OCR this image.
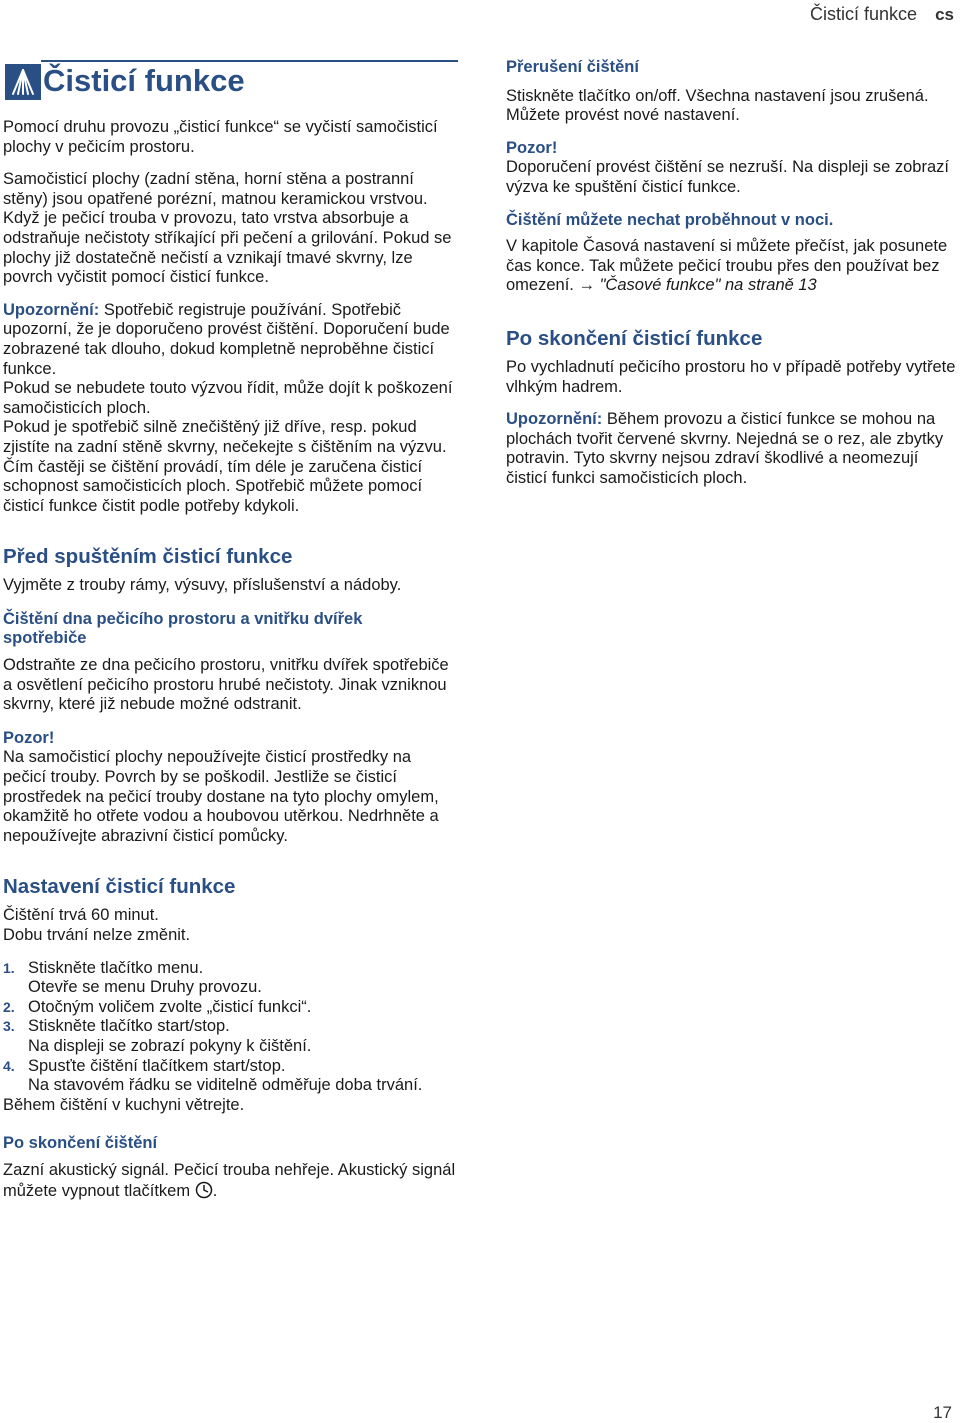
Čisticí funkce cs
Čisticí funkce

Pomocí druhu provozu „čisticí funkce“ se vyčistí samočisticí plochy v pečicím prostoru.

Samočisticí plochy (zadní stěna, horní stěna a postranní stěny) jsou opatřené porézní, matnou keramickou vrstvou. Když je pečicí trouba v provozu, tato vrstva absorbuje a odstraňuje nečistoty stříkající při pečení a grilování. Pokud se plochy již dostatečně nečistí a vznikají tmavé skvrny, lze povrch vyčistit pomocí čisticí funkce.

Upozornění: Spotřebič registruje používání. Spotřebič upozorní, že je doporučeno provést čištění. Doporučení bude zobrazené tak dlouho, dokud kompletně neproběhne čisticí funkce.

Pokud se nebudete touto výzvou řídit, může dojít k poškození samočisticích ploch.

Pokud je spotřebič silně znečištěný již dříve, resp. pokud zjistíte na zadní stěně skvrny, nečekejte s čištěním na výzvu. Čím častěji se čištění provádí, tím déle je zaručena čisticí schopnost samočisticích ploch. Spotřebič můžete pomocí čisticí funkce čistit podle potřeby kdykoli.

Před spuštěním čisticí funkce

Vyjměte z trouby rámy, výsuvy, příslušenství a nádoby.

Čištění dna pečicího prostoru a vnitřku dvířek spotřebiče

Odstraňte ze dna pečicího prostoru, vnitřku dvířek spotřebiče a osvětlení pečicího prostoru hrubé nečistoty. Jinak vzniknou skvrny, které již nebude možné odstranit.

Pozor!

Na samočisticí plochy nepoužívejte čisticí prostředky na pečicí trouby. Povrch by se poškodil. Jestliže se čisticí prostředek na pečicí trouby dostane na tyto plochy omylem, okamžitě ho otřete vodou a houbovou utěrkou. Nedrhněte a nepoužívejte abrazivní čisticí pomůcky.

Nastavení čisticí funkce

Čištění trvá 60 minut.

Dobu trvání nelze změnit.

1. Stiskněte tlačítko menu.
Otevře se menu Druhy provozu.
2. Otočným voličem zvolte „čisticí funkci“.
3. Stiskněte tlačítko start/stop.
Na displeji se zobrazí pokyny k čištění.
4. Spusťte čištění tlačítkem start/stop.
Na stavovém řádku se viditelně odměřuje doba trvání.

Během čištění v kuchyni větrejte.

Po skončení čištění

Zazní akustický signál. Pečicí trouba nehřeje. Akustický signál můžete vypnout tlačítkem .

Přerušení čištění

Stiskněte tlačítko on/off. Všechna nastavení jsou zrušená. Můžete provést nové nastavení.

Pozor!

Doporučení provést čištění se nezruší. Na displeji se zobrazí výzva ke spuštění čisticí funkce.

Čištění můžete nechat proběhnout v noci.

V kapitole Časová nastavení si můžete přečíst, jak posunete čas konce. Tak můžete pečicí troubu přes den používat bez omezení. → "Časové funkce" na straně 13

Po skončení čisticí funkce

Po vychladnutí pečicího prostoru ho v případě potřeby vytřete vlhkým hadrem.

Upozornění: Během provozu a čisticí funkce se mohou na plochách tvořit červené skvrny. Nejedná se o rez, ale zbytky potravin. Tyto skvrny nejsou zdraví škodlivé a neomezují čisticí funkci samočisticích ploch.

17
